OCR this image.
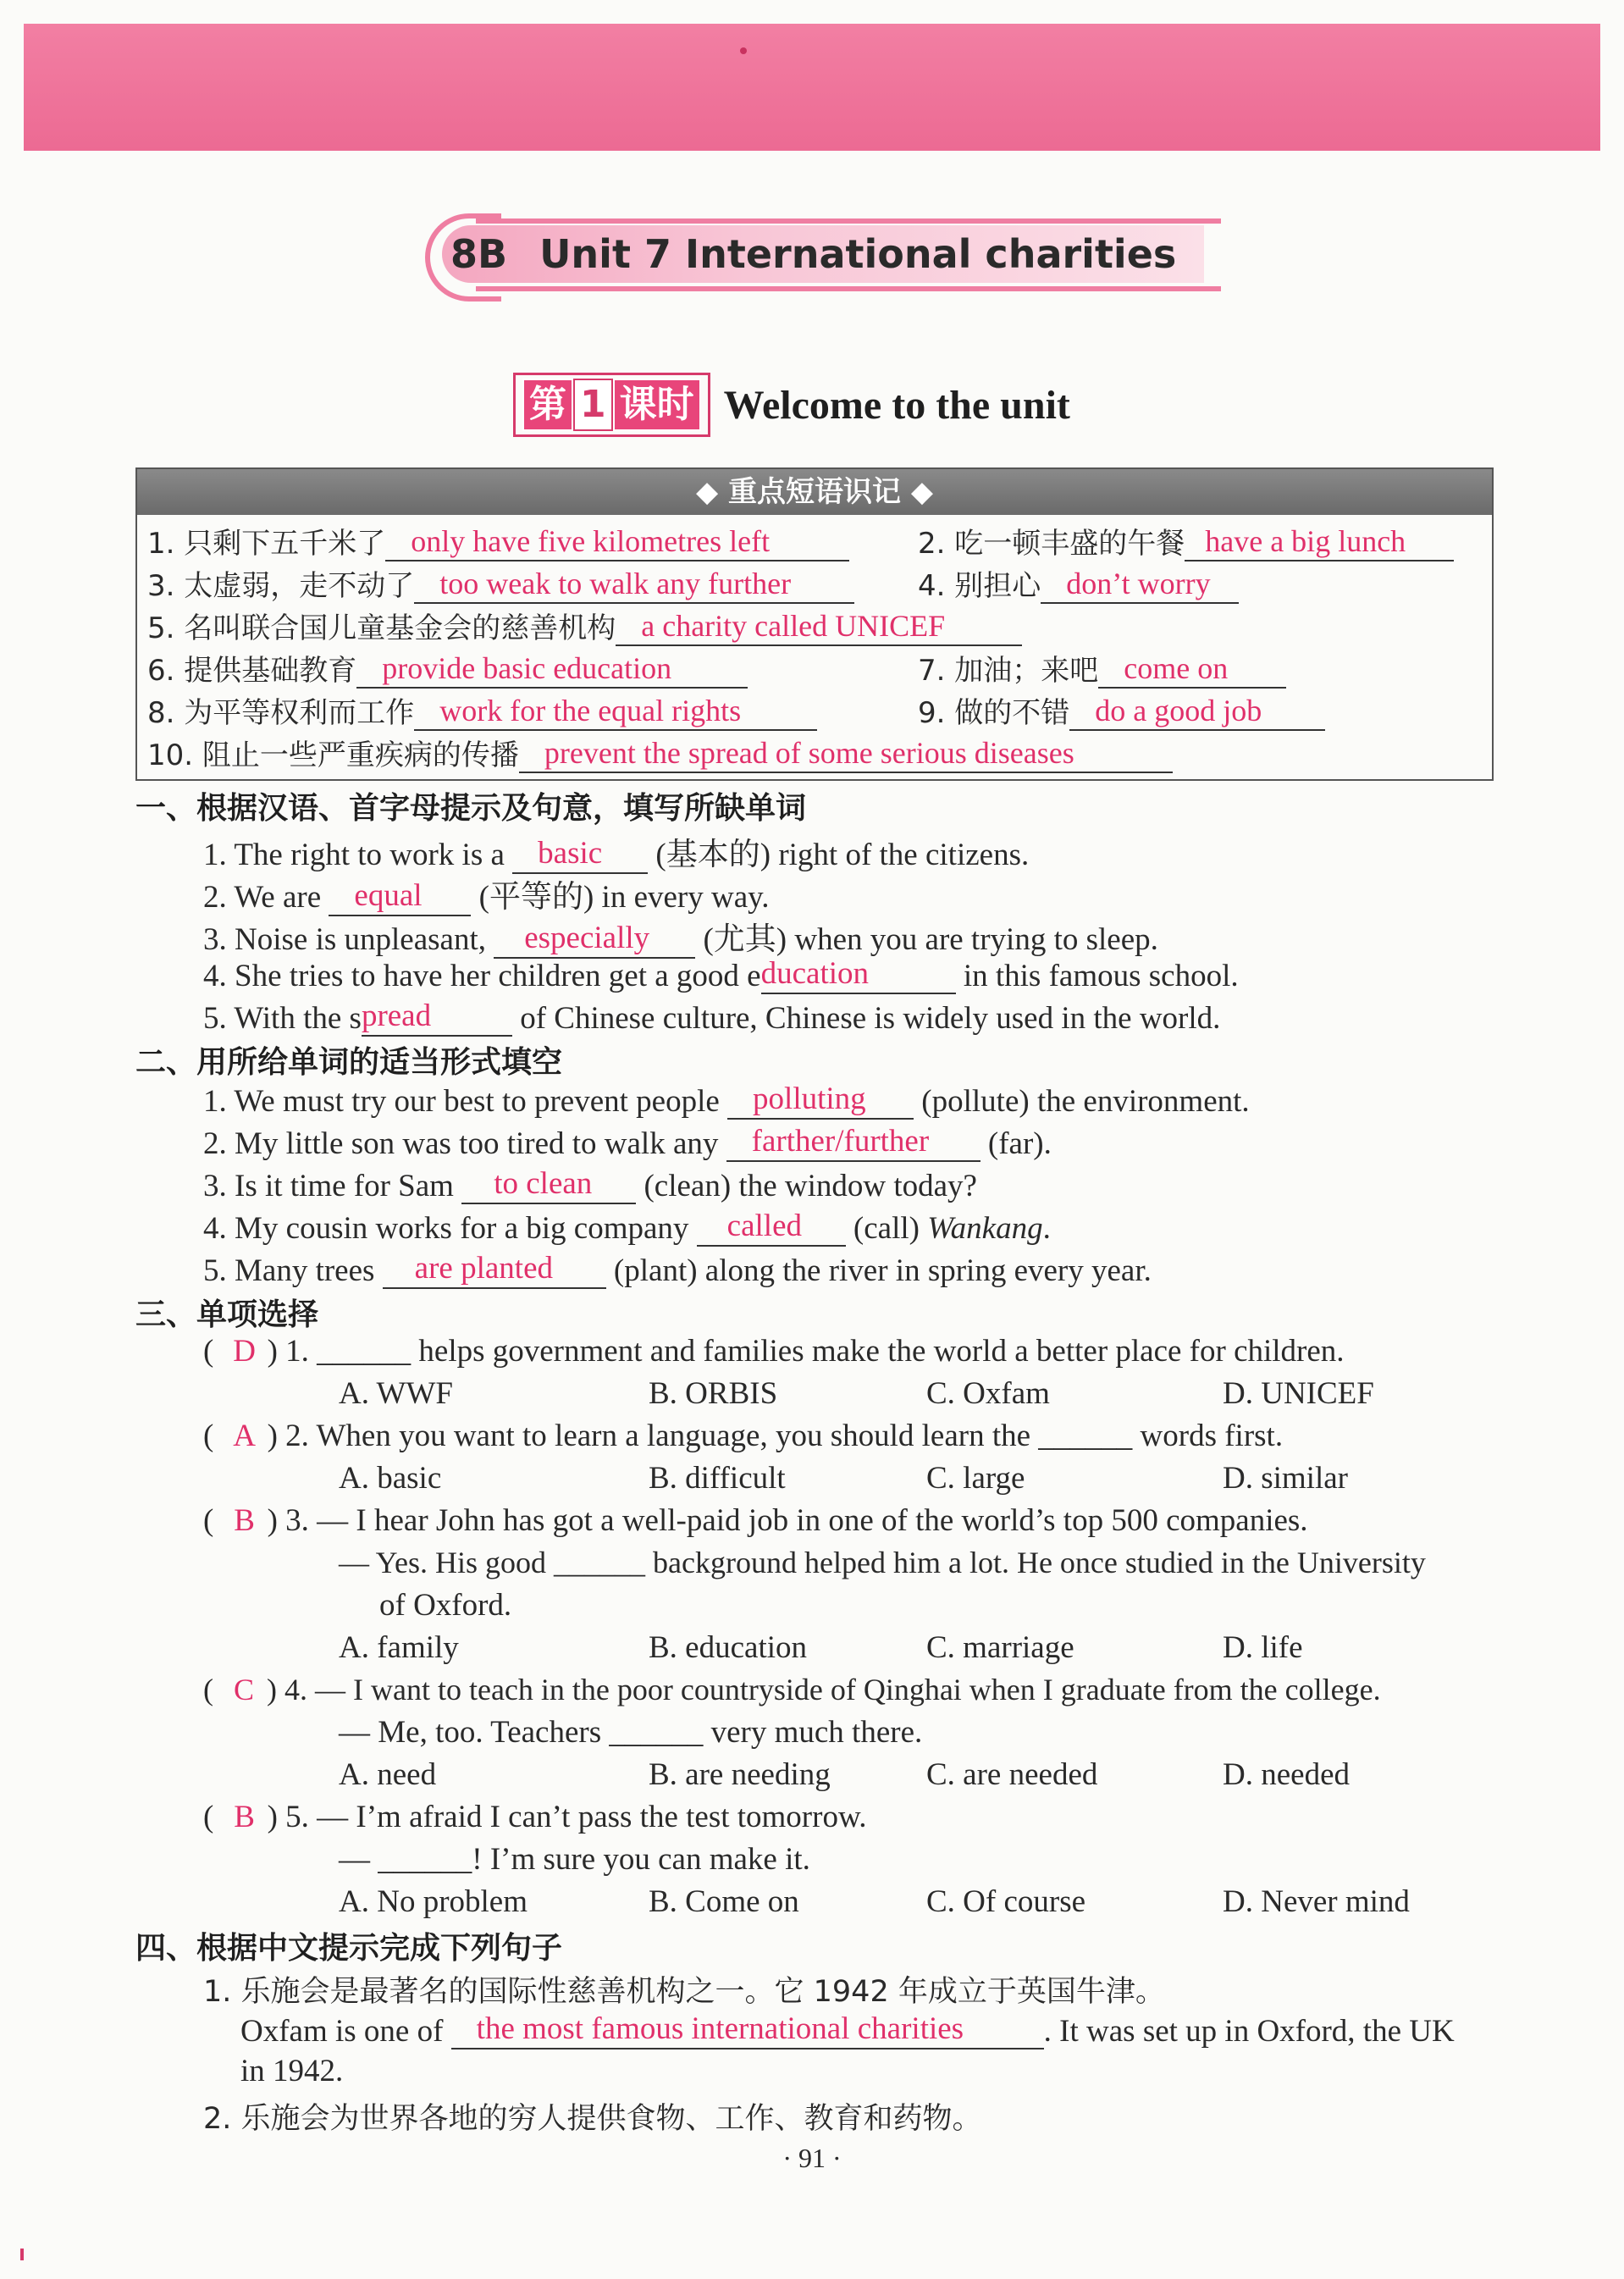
8B Unit 7 International charities
第 1 课时 Welcome to the unit
◆ 重点短语识记 ◆
1. 只剩下五千米了 only have five kilometres left	2. 吃一顿丰盛的午餐 have a big lunch
3. 太虚弱，走不动了 too weak to walk any further	4. 别担心 don’t worry
5. 名叫联合国儿童基金会的慈善机构 a charity called UNICEF
6. 提供基础教育 provide basic education	7. 加油；来吧 come on
8. 为平等权利而工作 work for the equal rights	9. 做的不错 do a good job
10. 阻止一些严重疾病的传播 prevent the spread of some serious diseases
一、根据汉语、首字母提示及句意，填写所缺单词
1. The right to work is a basic (基本的) right of the citizens.
2. We are equal (平等的) in every way.
3. Noise is unpleasant, especially (尤其) when you are trying to sleep.
4. She tries to have her children get a good education	in this famous school.
5. With the spread	of Chinese culture, Chinese is widely used in the world.
二、用所给单词的适当形式填空
1. We must try our best to prevent people polluting (pollute) the environment.
2. My little son was too tired to walk any farther/further (far).
3. Is it time for Sam to clean (clean) the window today?
4. My cousin works for a big company called (call) Wankang.
5. Many trees are planted (plant) along the river in spring every year.
三、单项选择
( D ) 1. ______ helps government and families make the world a better place for children.
A. WWF	B. ORBIS	C. Oxfam	D. UNICEF
( A ) 2. When you want to learn a language, you should learn the ______ words first.
A. basic	B. difficult	C. large	D. similar
( B ) 3. — I hear John has got a well-paid job in one of the world’s top 500 companies.
— Yes. His good ______ background helped him a lot. He once studied in the University
of Oxford.
A. family	B. education	C. marriage	D. life
( C ) 4. — I want to teach in the poor countryside of Qinghai when I graduate from the college.
— Me, too. Teachers ______ very much there.
A. need	B. are needing	C. are needed	D. needed
( B ) 5. — I’m afraid I can’t pass the test tomorrow.
— ______! I’m sure you can make it.
A. No problem	B. Come on	C. Of course	D. Never mind
四、根据中文提示完成下列句子
1. 乐施会是最著名的国际性慈善机构之一。它 1942 年成立于英国牛津。
Oxfam is one of the most famous international charities	. It was set up in Oxford, the UK
in 1942.
2. 乐施会为世界各地的穷人提供食物、工作、教育和药物。
· 91 ·
